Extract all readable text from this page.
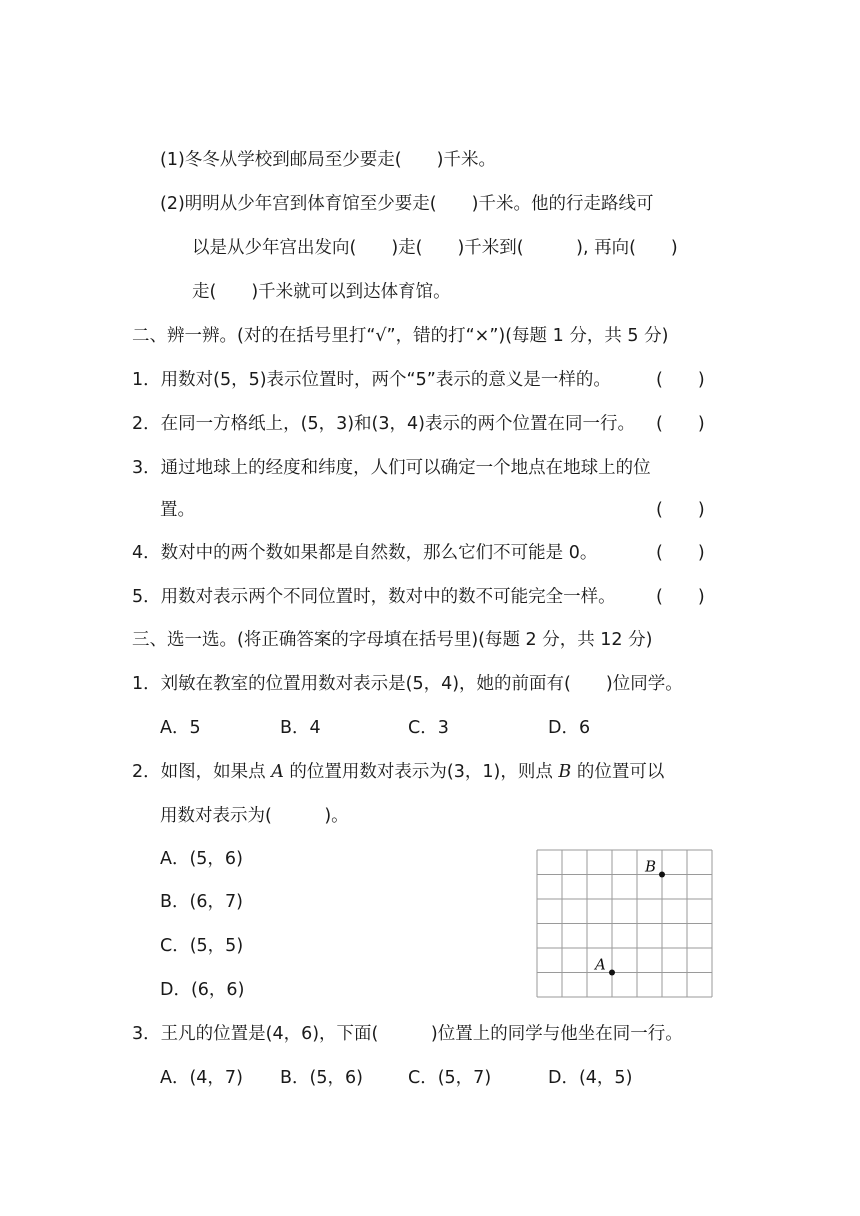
(1)冬冬从学校到邮局至少要走(　　)千米。
(2)明明从少年宫到体育馆至少要走(　　)千米。他的行走路线可
以是从少年宫出发向(　　)走(　　)千米到(　　　), 再向(　　)
走(　　)千米就可以到达体育馆。
二、辨一辨。(对的在括号里打“√”，错的打“×”)(每题 1 分，共 5 分)
1．用数对(5，5)表示位置时，两个“5”表示的意义是一样的。	(　　)
2．在同一方格纸上，(5，3)和(3，4)表示的两个位置在同一行。 (　　)
3．通过地球上的经度和纬度，人们可以确定一个地点在地球上的位
置。	(　　)
4．数对中的两个数如果都是自然数，那么它们不可能是 0。	(　　)
5．用数对表示两个不同位置时，数对中的数不可能完全一样。 (　　)
三、选一选。(将正确答案的字母填在括号里)(每题 2 分，共 12 分)
1．刘敏在教室的位置用数对表示是(5，4)，她的前面有(　　)位同学。
A．5	B．4	C．3	D．6
2．如图，如果点 A 的位置用数对表示为(3，1)，则点 B 的位置可以
用数对表示为(　　　)。
A．(5，6)
B．(6，7)
C．(5，5)
D．(6，6)
A
B
3．王凡的位置是(4，6)，下面(　　　)位置上的同学与他坐在同一行。
A．(4，7) B．(5，6)	C．(5，7)	D．(4，5)
